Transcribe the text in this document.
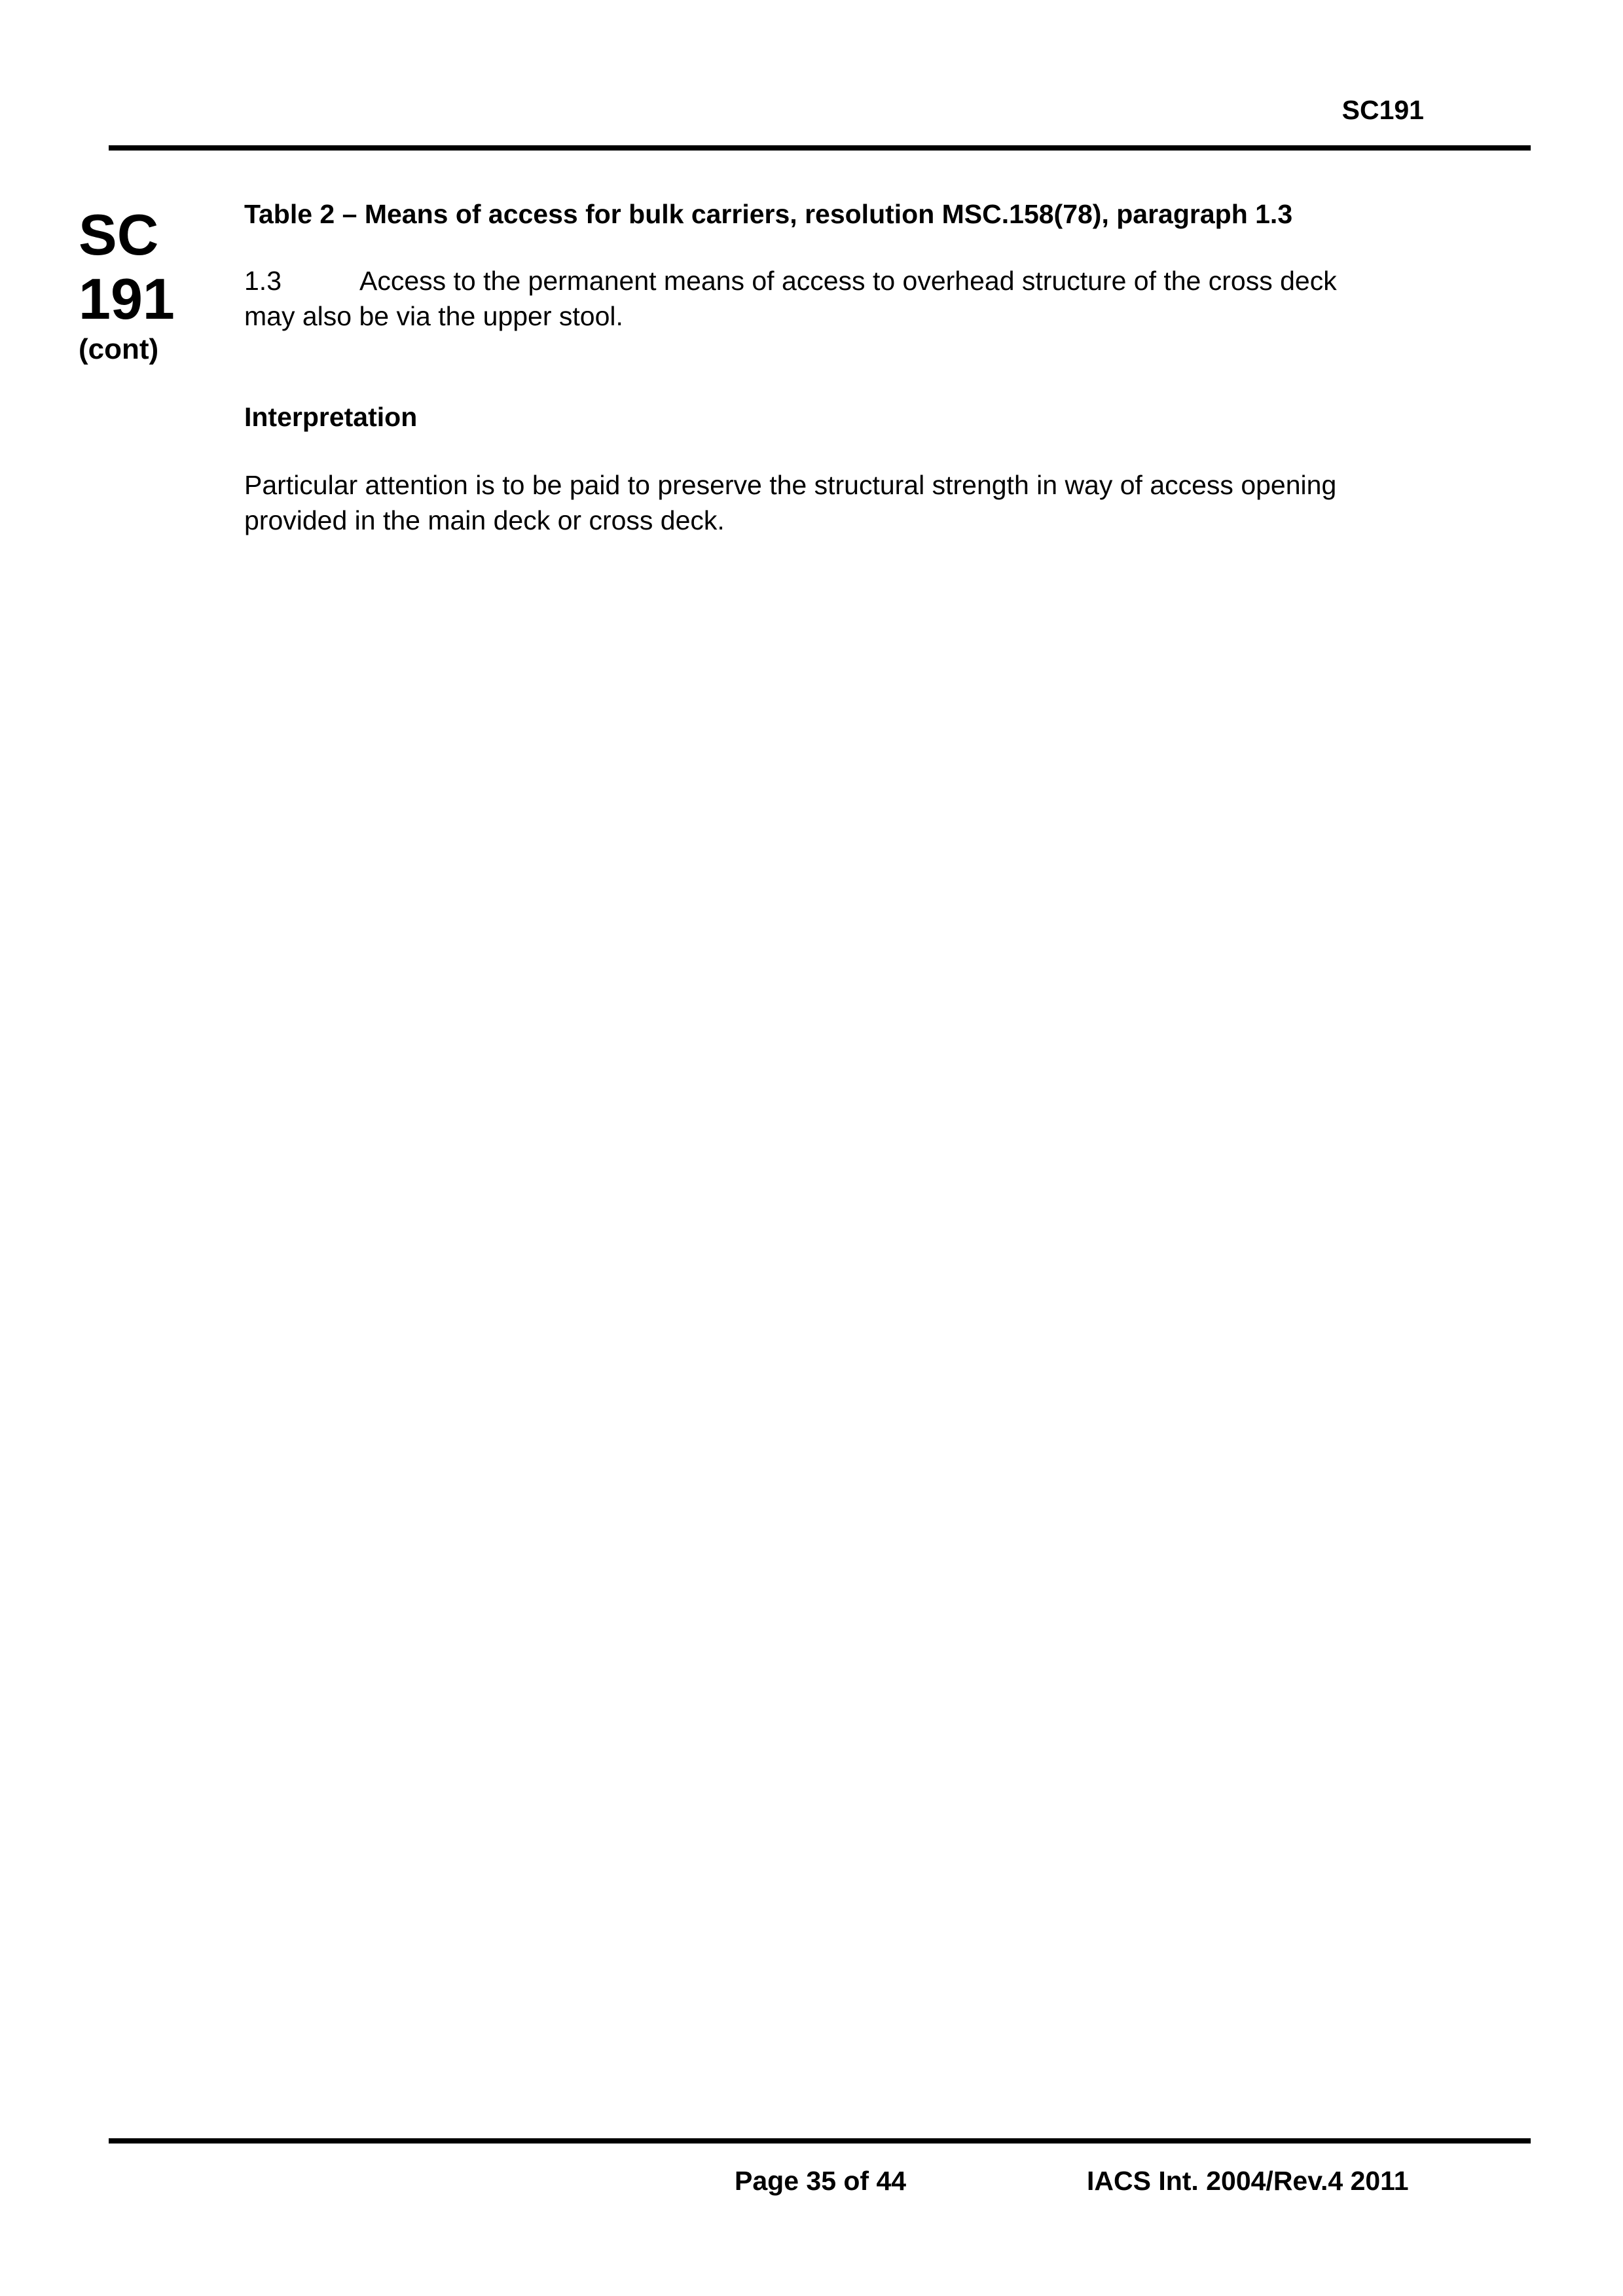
SC191
SC
191
(cont)

Table 2 – Means of access for bulk carriers, resolution MSC.158(78), paragraph 1.3

1.3	Access to the permanent means of access to overhead structure of the cross deck
may also be via the upper stool.

Interpretation

Particular attention is to be paid to preserve the structural strength in way of access opening
provided in the main deck or cross deck.

Page 35 of 44	IACS Int. 2004/Rev.4 2011
